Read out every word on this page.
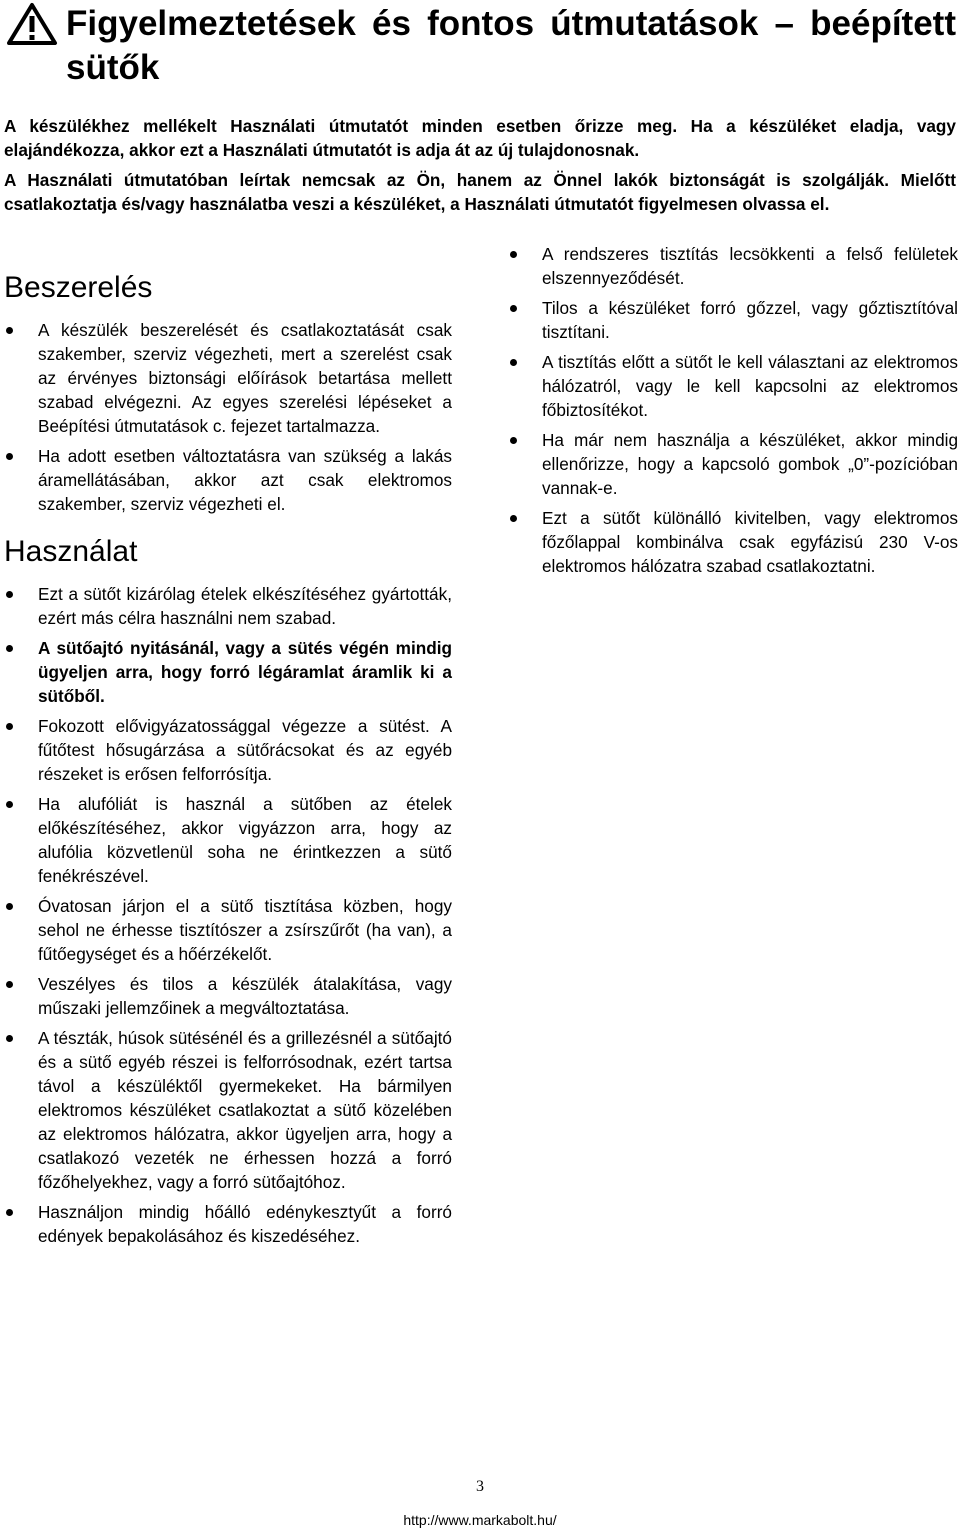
Figyelmeztetések és fontos útmutatások – beépített sütők

A készülékhez mellékelt Használati útmutatót minden esetben őrizze meg. Ha a készüléket eladja, vagy elajándékozza, akkor ezt a Használati útmutatót is adja át az új tulajdonosnak.

A Használati útmutatóban leírtak nemcsak az Ön, hanem az Önnel lakók biztonságát is szolgálják. Mielőtt csatlakoztatja és/vagy használatba veszi a készüléket, a Használati útmutatót figyelmesen olvassa el.

Beszerelés
A készülék beszerelését és csatlakoztatását csak szakember, szerviz végezheti, mert a szerelést csak az érvényes biztonsági előírások betartása mellett szabad elvégezni. Az egyes szerelési lépéseket a Beépítési útmutatások c. fejezet tartalmazza.
Ha adott esetben változtatásra van szükség a lakás áramellátásában, akkor azt csak elektromos szakember, szerviz végezheti el.
Használat
Ezt a sütőt kizárólag ételek elkészítéséhez gyártották, ezért más célra használni nem szabad.
A sütőajtó nyitásánál, vagy a sütés végén mindig ügyeljen arra, hogy forró légáramlat áramlik ki a sütőből.
Fokozott elővigyázatossággal végezze a sütést. A fűtőtest hősugárzása a sütőrácsokat és az egyéb részeket is erősen felforrósítja.
Ha alufóliát is használ a sütőben az ételek előkészítéséhez, akkor vigyázzon arra, hogy az alufólia közvetlenül soha ne érintkezzen a sütő fenékrészével.
Óvatosan járjon el a sütő tisztítása közben, hogy sehol ne érhesse tisztítószer a zsírszűrőt (ha van), a fűtőegységet és a hőérzékelőt.
Veszélyes és tilos a készülék átalakítása, vagy műszaki jellemzőinek a megváltoztatása.
A tészták, húsok sütésénél és a grillezésnél a sütőajtó és a sütő egyéb részei is felforrósodnak, ezért tartsa távol a készüléktől gyermekeket. Ha bármilyen elektromos készüléket csatlakoztat a sütő közelében az elektromos hálózatra, akkor ügyeljen arra, hogy a csatlakozó vezeték ne érhessen hozzá a forró főzőhelyekhez, vagy a forró sütőajtóhoz.
Használjon mindig hőálló edénykesztyűt a forró edények bepakolásához és kiszedéséhez.
A rendszeres tisztítás lecsökkenti a felső felületek elszennyeződését.
Tilos a készüléket forró gőzzel, vagy gőztisztítóval tisztítani.
A tisztítás előtt a sütőt le kell választani az elektromos hálózatról, vagy le kell kapcsolni az elektromos főbiztosítékot.
Ha már nem használja a készüléket, akkor mindig ellenőrizze, hogy a kapcsoló gombok „0”-pozícióban vannak-e.
Ezt a sütőt különálló kivitelben, vagy elektromos főzőlappal kombinálva csak egyfázisú 230 V-os elektromos hálózatra szabad csatlakoztatni.
3
http://www.markabolt.hu/
